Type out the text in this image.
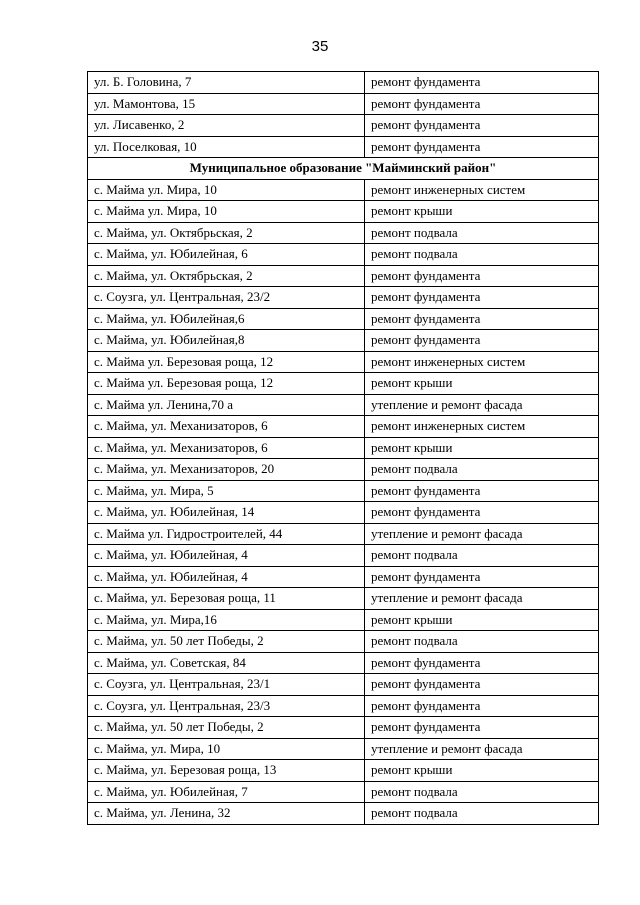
35
ул. Б. Головина, 7	ремонт фундамента
ул. Мамонтова, 15	ремонт фундамента
ул. Лисавенко, 2	ремонт фундамента
ул. Поселковая, 10	ремонт фундамента
Муниципальное образование "Майминский район"	
с. Майма ул. Мира, 10	ремонт инженерных систем
с. Майма ул. Мира, 10	ремонт крыши
с. Майма, ул. Октябрьская, 2	ремонт подвала
с. Майма, ул. Юбилейная, 6	ремонт подвала
с. Майма, ул. Октябрьская, 2	ремонт фундамента
с. Соузга, ул. Центральная, 23/2	ремонт фундамента
с. Майма, ул. Юбилейная,6	ремонт фундамента
с. Майма, ул. Юбилейная,8	ремонт фундамента
с. Майма ул. Березовая роща, 12	ремонт инженерных систем
с. Майма ул. Березовая роща, 12	ремонт крыши
с. Майма ул. Ленина,70 а	утепление и ремонт фасада
с. Майма, ул. Механизаторов, 6	ремонт инженерных систем
с. Майма, ул. Механизаторов, 6	ремонт крыши
с. Майма, ул. Механизаторов, 20	ремонт подвала
с. Майма, ул. Мира, 5	ремонт фундамента
с. Майма, ул. Юбилейная, 14	ремонт фундамента
с. Майма ул. Гидростроителей, 44	утепление и ремонт фасада
с. Майма, ул. Юбилейная, 4	ремонт подвала
с. Майма, ул. Юбилейная, 4	ремонт фундамента
с. Майма, ул. Березовая роща, 11	утепление и ремонт фасада
с. Майма, ул. Мира,16	ремонт крыши
с. Майма, ул. 50 лет Победы, 2	ремонт подвала
с. Майма, ул. Советская, 84	ремонт фундамента
с. Соузга, ул. Центральная, 23/1	ремонт фундамента
с. Соузга, ул. Центральная, 23/3	ремонт фундамента
с. Майма, ул. 50 лет Победы, 2	ремонт фундамента
с. Майма, ул. Мира, 10	утепление и ремонт фасада
с. Майма, ул. Березовая роща, 13	ремонт крыши
с. Майма, ул. Юбилейная, 7	ремонт подвала
с. Майма, ул. Ленина, 32	ремонт подвала
